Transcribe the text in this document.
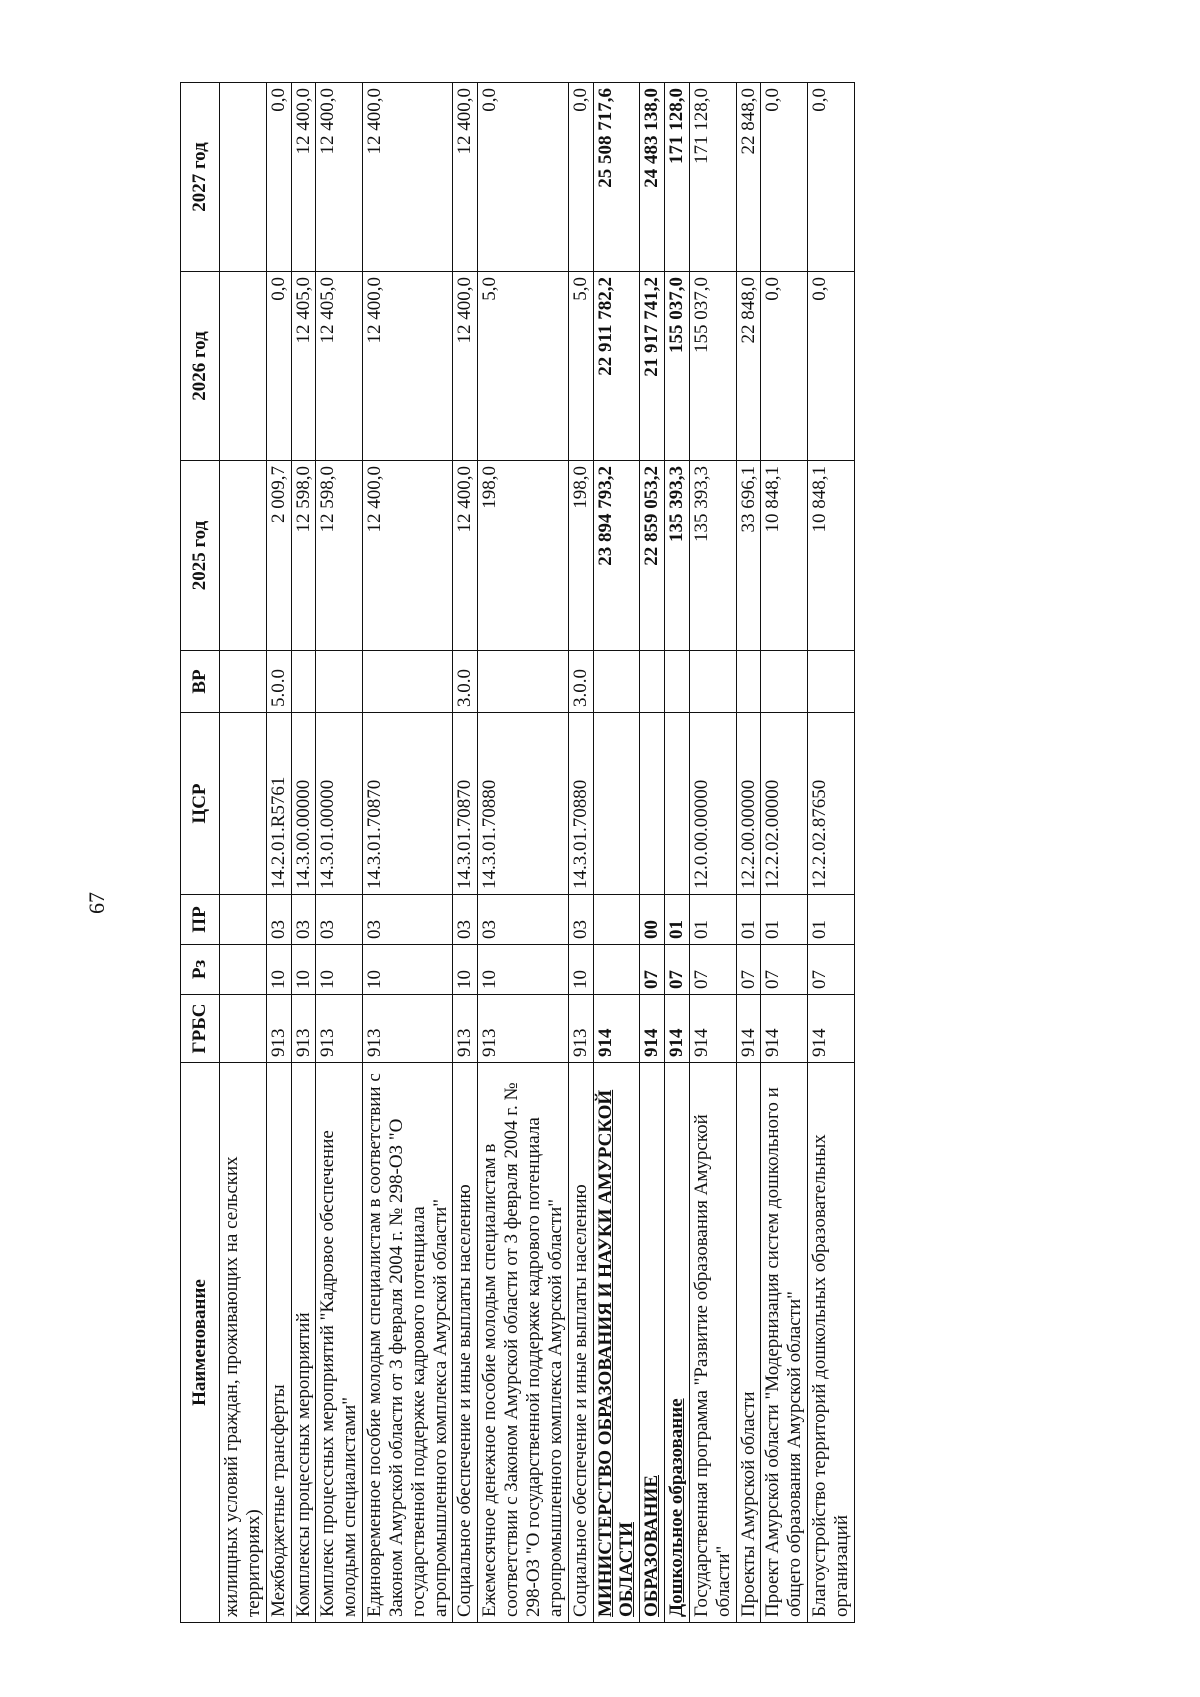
67
Наименование	ГРБС	Рз	ПР	ЦСР	ВР	2025 год	2026 год	2027 год
жилищных условий граждан, проживающих на сельских территориях)								
Межбюджетные трансферты	913	10	03	14.2.01.R5761	5.0.0	2 009,7	0,0	0,0
Комплексы процессных мероприятий	913	10	03	14.3.00.00000		12 598,0	12 405,0	12 400,0
Комплекс процессных мероприятий "Кадровое обеспечение молодыми специалистами"	913	10	03	14.3.01.00000		12 598,0	12 405,0	12 400,0
Единовременное пособие молодым специалистам в соответствии с Законом Амурской области от 3 февраля 2004 г. № 298-ОЗ "О государственной поддержке кадрового потенциала агропромышленного комплекса Амурской области"	913	10	03	14.3.01.70870		12 400,0	12 400,0	12 400,0
Социальное обеспечение и иные выплаты населению	913	10	03	14.3.01.70870	3.0.0	12 400,0	12 400,0	12 400,0
Ежемесячное денежное пособие молодым специалистам в соответствии с Законом Амурской области от 3 февраля 2004 г. № 298-ОЗ "О государственной поддержке кадрового потенциала агропромышленного комплекса Амурской области"	913	10	03	14.3.01.70880		198,0	5,0	0,0
Социальное обеспечение и иные выплаты населению	913	10	03	14.3.01.70880	3.0.0	198,0	5,0	0,0
МИНИСТЕРСТВО ОБРАЗОВАНИЯ И НАУКИ АМУРСКОЙ ОБЛАСТИ	914					23 894 793,2	22 911 782,2	25 508 717,6
ОБРАЗОВАНИЕ	914	07	00			22 859 053,2	21 917 741,2	24 483 138,0
Дошкольное образование	914	07	01			135 393,3	155 037,0	171 128,0
Государственная программа "Развитие образования Амурской области"	914	07	01	12.0.00.00000		135 393,3	155 037,0	171 128,0
Проекты Амурской области	914	07	01	12.2.00.00000		33 696,1	22 848,0	22 848,0
Проект Амурской области "Модернизация систем дошкольного и общего образования Амурской области"	914	07	01	12.2.02.00000		10 848,1	0,0	0,0
Благоустройство территорий дошкольных образовательных организаций	914	07	01	12.2.02.87650		10 848,1	0,0	0,0
